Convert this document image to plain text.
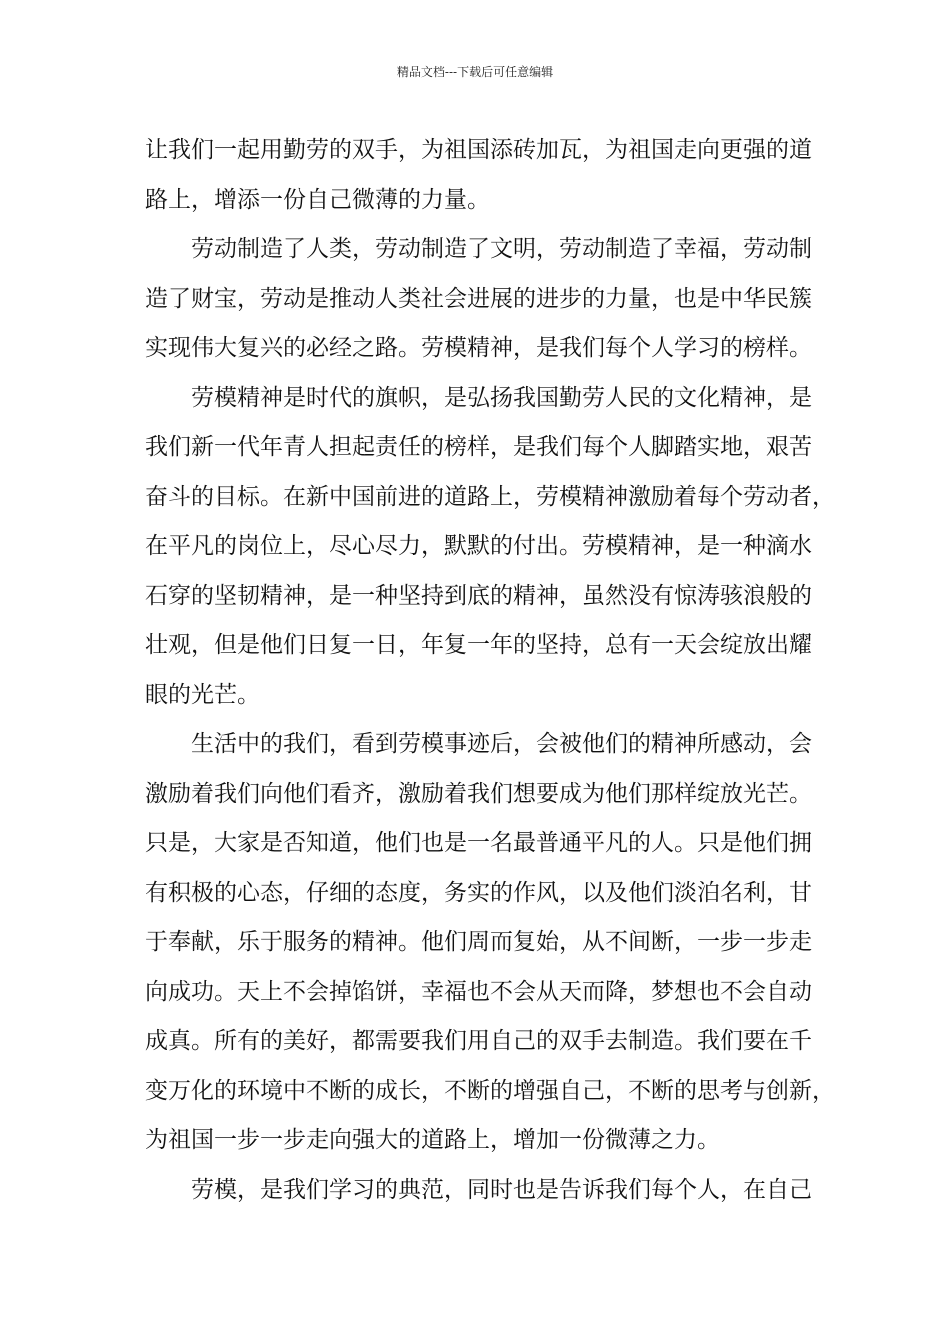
精品文档---下载后可任意编辑

让我们一起用勤劳的双手，为祖国添砖加瓦，为祖国走向更强的道
路上，增添一份自己微薄的力量。

劳动制造了人类，劳动制造了文明，劳动制造了幸福，劳动制
造了财宝，劳动是推动人类社会进展的进步的力量，也是中华民簇
实现伟大复兴的必经之路。劳模精神，是我们每个人学习的榜样。

劳模精神是时代的旗帜，是弘扬我国勤劳人民的文化精神，是
我们新一代年青人担起责任的榜样，是我们每个人脚踏实地，艰苦
奋斗的目标。在新中国前进的道路上，劳模精神激励着每个劳动者，
在平凡的岗位上，尽心尽力，默默的付出。劳模精神，是一种滴水
石穿的坚韧精神，是一种坚持到底的精神，虽然没有惊涛骇浪般的
壮观，但是他们日复一日，年复一年的坚持，总有一天会绽放出耀
眼的光芒。

生活中的我们，看到劳模事迹后，会被他们的精神所感动，会
激励着我们向他们看齐，激励着我们想要成为他们那样绽放光芒。
只是，大家是否知道，他们也是一名最普通平凡的人。只是他们拥
有积极的心态，仔细的态度，务实的作风，以及他们淡泊名利，甘
于奉献，乐于服务的精神。他们周而复始，从不间断，一步一步走
向成功。天上不会掉馅饼，幸福也不会从天而降，梦想也不会自动
成真。所有的美好，都需要我们用自己的双手去制造。我们要在千
变万化的环境中不断的成长，不断的增强自己，不断的思考与创新，
为祖国一步一步走向强大的道路上，增加一份微薄之力。

劳模，是我们学习的典范，同时也是告诉我们每个人，在自己
